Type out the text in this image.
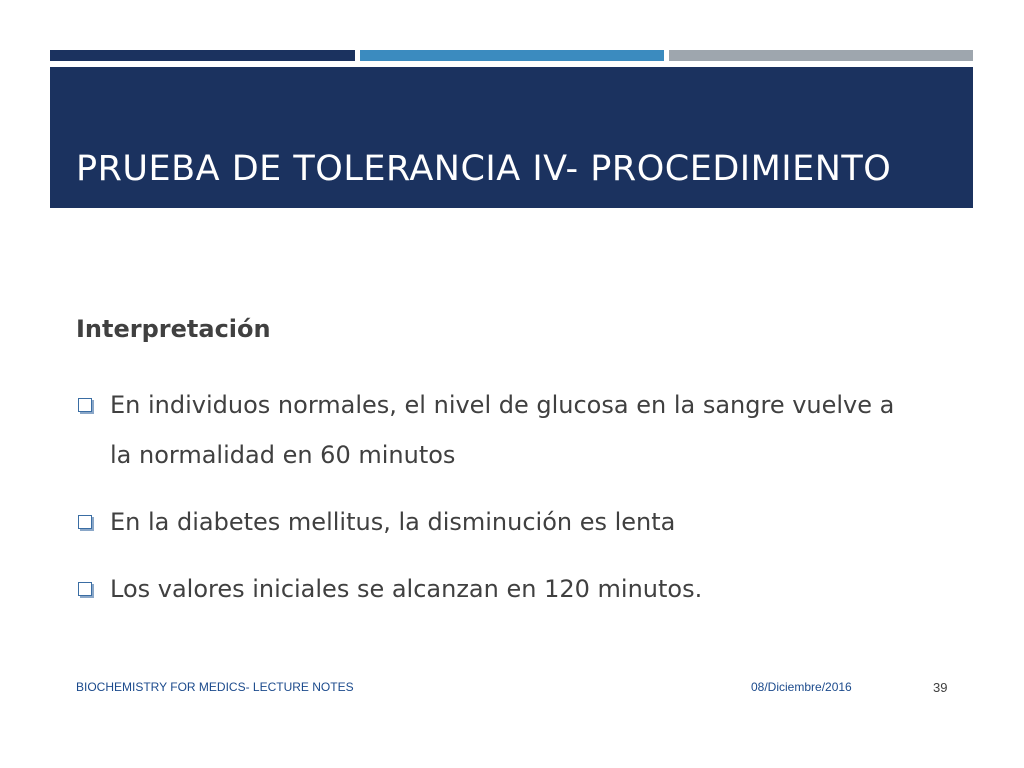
PRUEBA DE TOLERANCIA IV- PROCEDIMIENTO
Interpretación
En individuos normales, el nivel de glucosa en la sangre vuelve a la normalidad en 60 minutos
En la diabetes mellitus, la disminución es lenta
Los valores iniciales se alcanzan en 120 minutos.
BIOCHEMISTRY FOR MEDICS- LECTURE NOTES	08/Diciembre/2016	39
